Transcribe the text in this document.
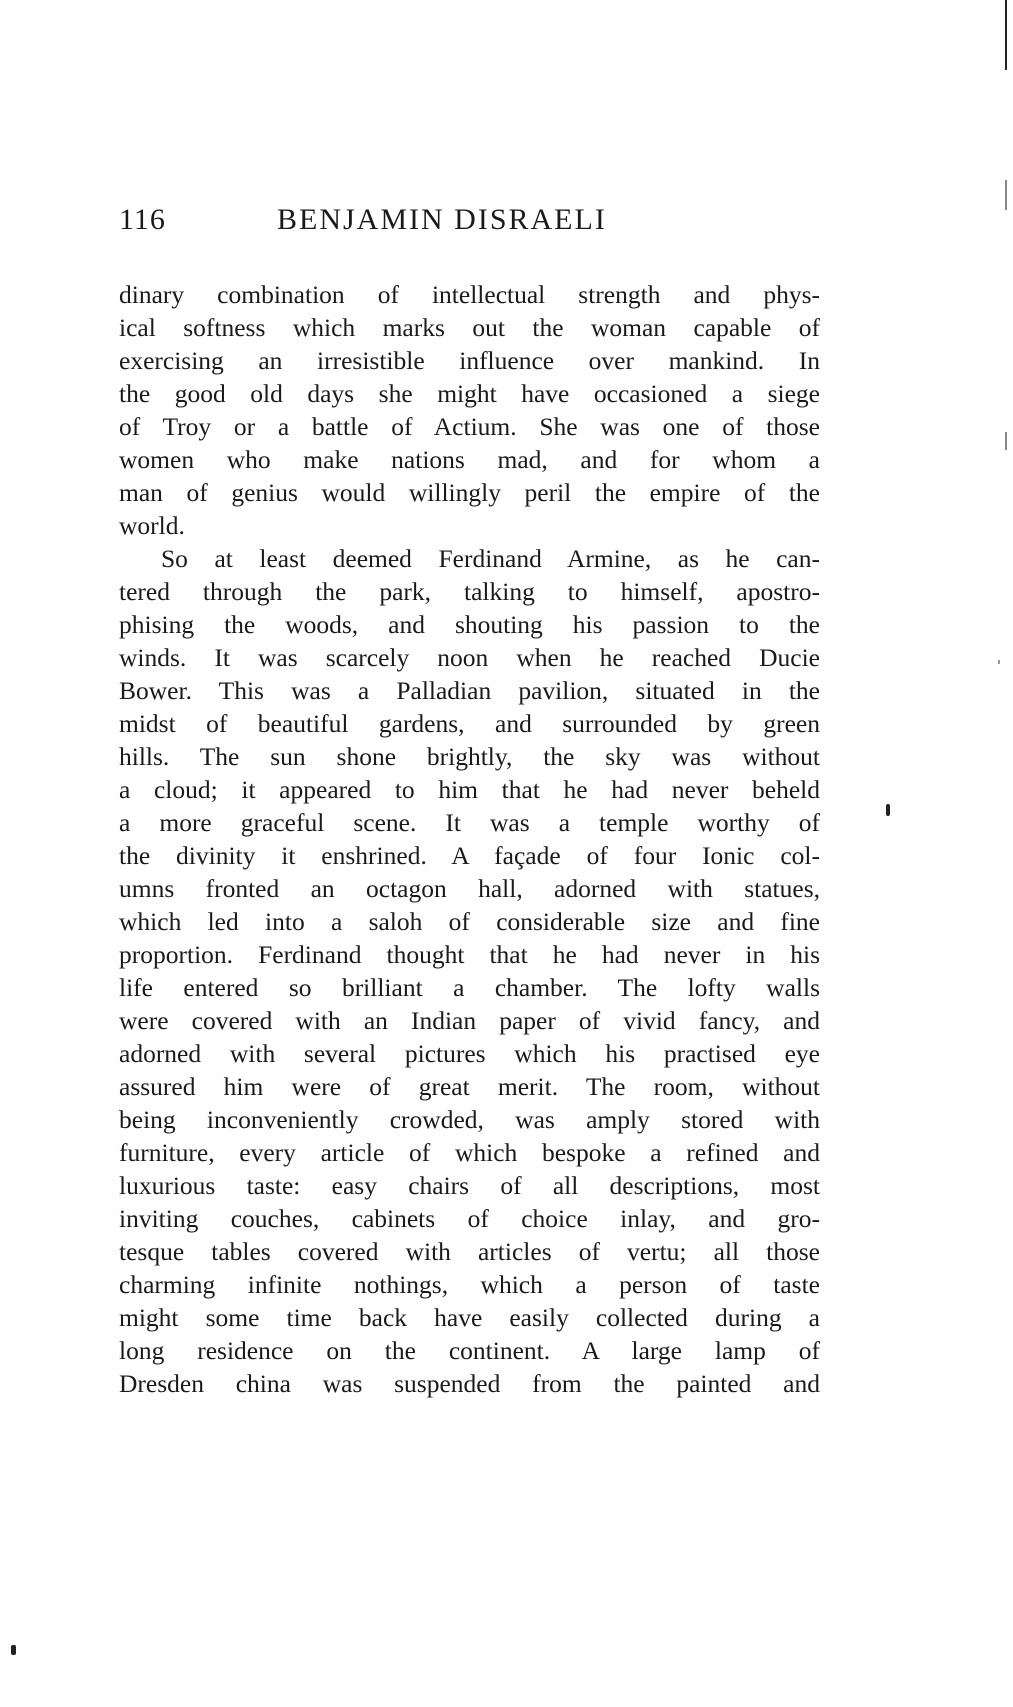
116	BENJAMIN DISRAELI
dinary combination of intellectual strength and phys-
ical softness which marks out the woman capable of
exercising an irresistible influence over mankind. In
the good old days she might have occasioned a siege
of Troy or a battle of Actium. She was one of those
women who make nations mad, and for whom a
man of genius would willingly peril the empire of the
world.
So at least deemed Ferdinand Armine, as he can-
tered through the park, talking to himself, apostro-
phising the woods, and shouting his passion to the
winds. It was scarcely noon when he reached Ducie
Bower. This was a Palladian pavilion, situated in the
midst of beautiful gardens, and surrounded by green
hills. The sun shone brightly, the sky was without
a cloud; it appeared to him that he had never beheld
a more graceful scene. It was a temple worthy of
the divinity it enshrined. A façade of four Ionic col-
umns fronted an octagon hall, adorned with statues,
which led into a saloh of considerable size and fine
proportion. Ferdinand thought that he had never in his
life entered so brilliant a chamber. The lofty walls
were covered with an Indian paper of vivid fancy, and
adorned with several pictures which his practised eye
assured him were of great merit. The room, without
being inconveniently crowded, was amply stored with
furniture, every article of which bespoke a refined and
luxurious taste: easy chairs of all descriptions, most
inviting couches, cabinets of choice inlay, and gro-
tesque tables covered with articles of vertu; all those
charming infinite nothings, which a person of taste
might some time back have easily collected during a
long residence on the continent. A large lamp of
Dresden china was suspended from the painted and
